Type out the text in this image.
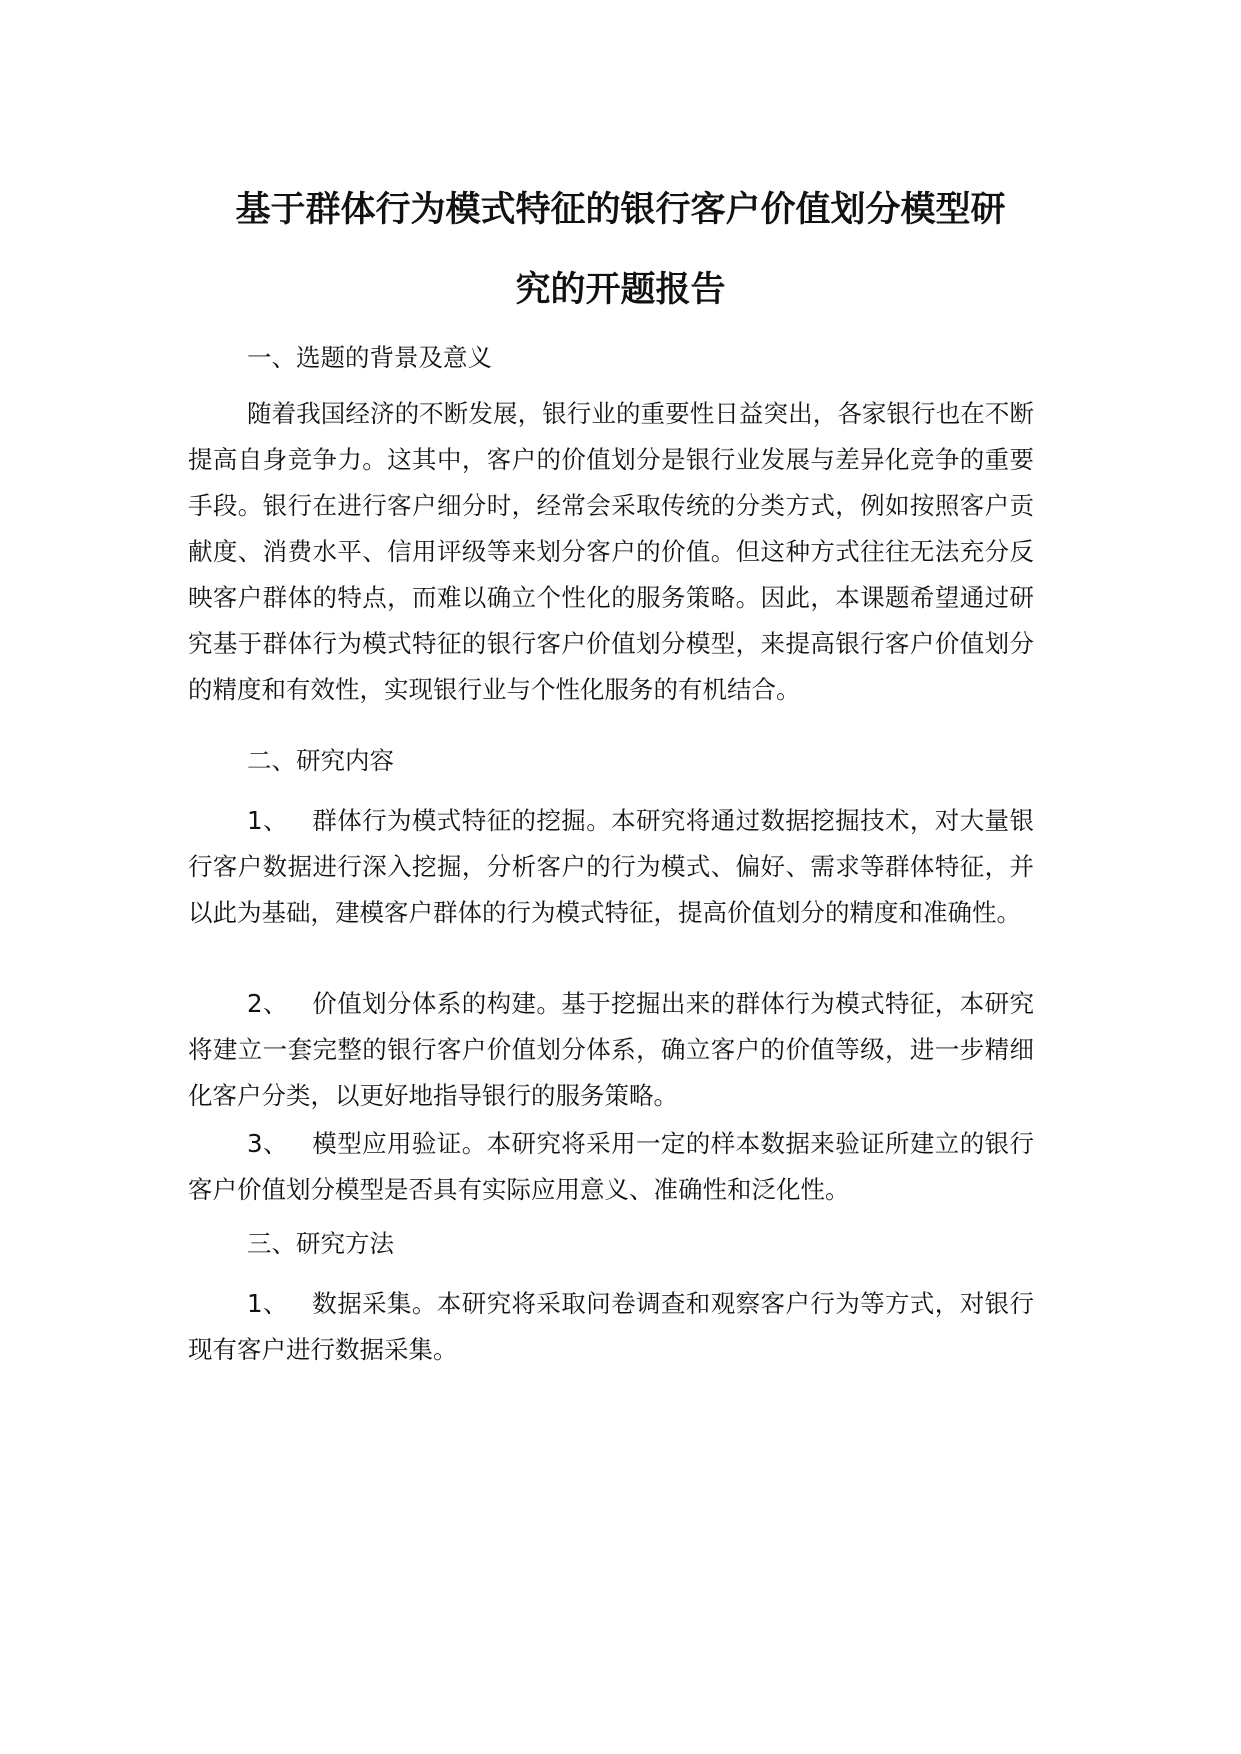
基于群体行为模式特征的银行客户价值划分模型研
究的开题报告

一、选题的背景及意义

随着我国经济的不断发展，银行业的重要性日益突出，各家银行也在不断提高自身竞争力。这其中，客户的价值划分是银行业发展与差异化竞争的重要手段。银行在进行客户细分时，经常会采取传统的分类方式，例如按照客户贡献度、消费水平、信用评级等来划分客户的价值。但这种方式往往无法充分反映客户群体的特点，而难以确立个性化的服务策略。因此，本课题希望通过研究基于群体行为模式特征的银行客户价值划分模型，来提高银行客户价值划分的精度和有效性，实现银行业与个性化服务的有机结合。

二、研究内容

1、 群体行为模式特征的挖掘。本研究将通过数据挖掘技术，对大量银行客户数据进行深入挖掘，分析客户的行为模式、偏好、需求等群体特征，并以此为基础，建模客户群体的行为模式特征，提高价值划分的精度和准确性。

2、 价值划分体系的构建。基于挖掘出来的群体行为模式特征，本研究将建立一套完整的银行客户价值划分体系，确立客户的价值等级，进一步精细化客户分类，以更好地指导银行的服务策略。

3、 模型应用验证。本研究将采用一定的样本数据来验证所建立的银行客户价值划分模型是否具有实际应用意义、准确性和泛化性。

三、研究方法

1、 数据采集。本研究将采取问卷调查和观察客户行为等方式，对银行现有客户进行数据采集。
